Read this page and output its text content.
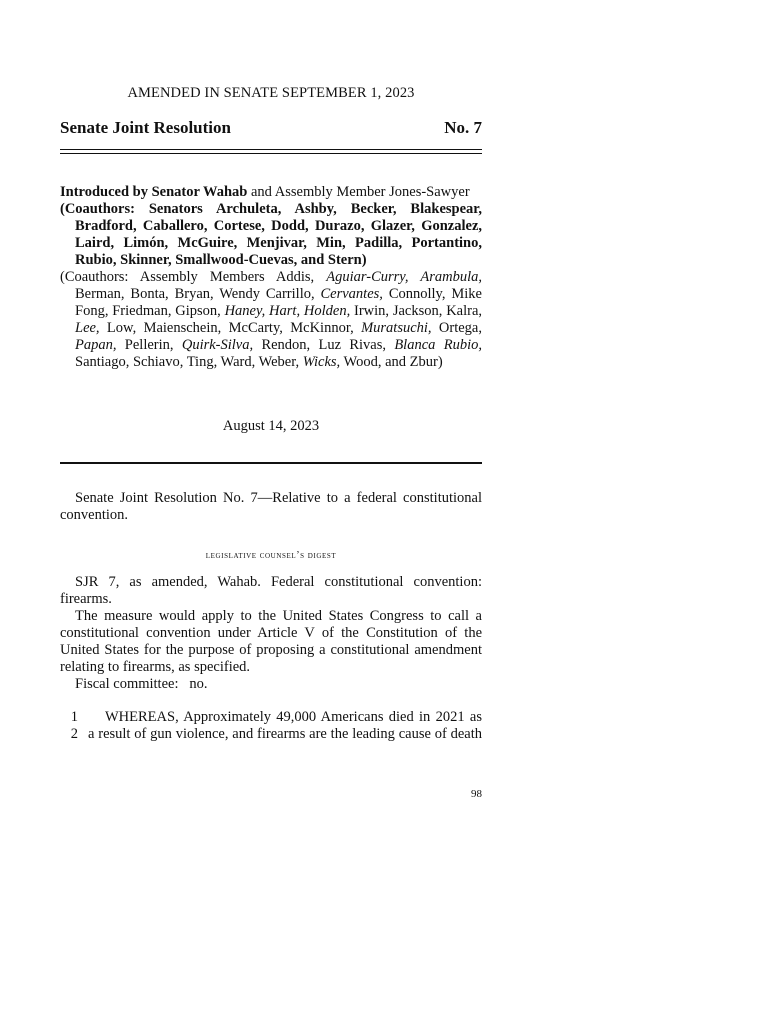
AMENDED IN SENATE SEPTEMBER 1, 2023
Senate Joint Resolution	No. 7

Introduced by Senator Wahab and Assembly Member Jones-Sawyer

(Coauthors: Senators Archuleta, Ashby, Becker, Blakespear, Bradford, Caballero, Cortese, Dodd, Durazo, Glazer, Gonzalez, Laird, Limón, McGuire, Menjivar, Min, Padilla, Portantino, Rubio, Skinner, Smallwood-Cuevas, and Stern)

(Coauthors: Assembly Members Addis, Aguiar-Curry, Arambula, Berman, Bonta, Bryan, Wendy Carrillo, Cervantes, Connolly, Mike Fong, Friedman, Gipson, Haney, Hart, Holden, Irwin, Jackson, Kalra, Lee, Low, Maienschein, McCarty, McKinnor, Muratsuchi, Ortega, Papan, Pellerin, Quirk-Silva, Rendon, Luz Rivas, Blanca Rubio, Santiago, Schiavo, Ting, Ward, Weber, Wicks, Wood, and Zbur)

August 14, 2023
Senate Joint Resolution No. 7—Relative to a federal constitutional convention.
legislative counsel’s digest

SJR 7, as amended, Wahab. Federal constitutional convention: firearms.

The measure would apply to the United States Congress to call a constitutional convention under Article V of the Constitution of the United States for the purpose of proposing a constitutional amendment relating to firearms, as specified.

Fiscal committee: no.

1	WHEREAS, Approximately 49,000 Americans died in 2021 as
2 a result of gun violence, and firearms are the leading cause of death
98
